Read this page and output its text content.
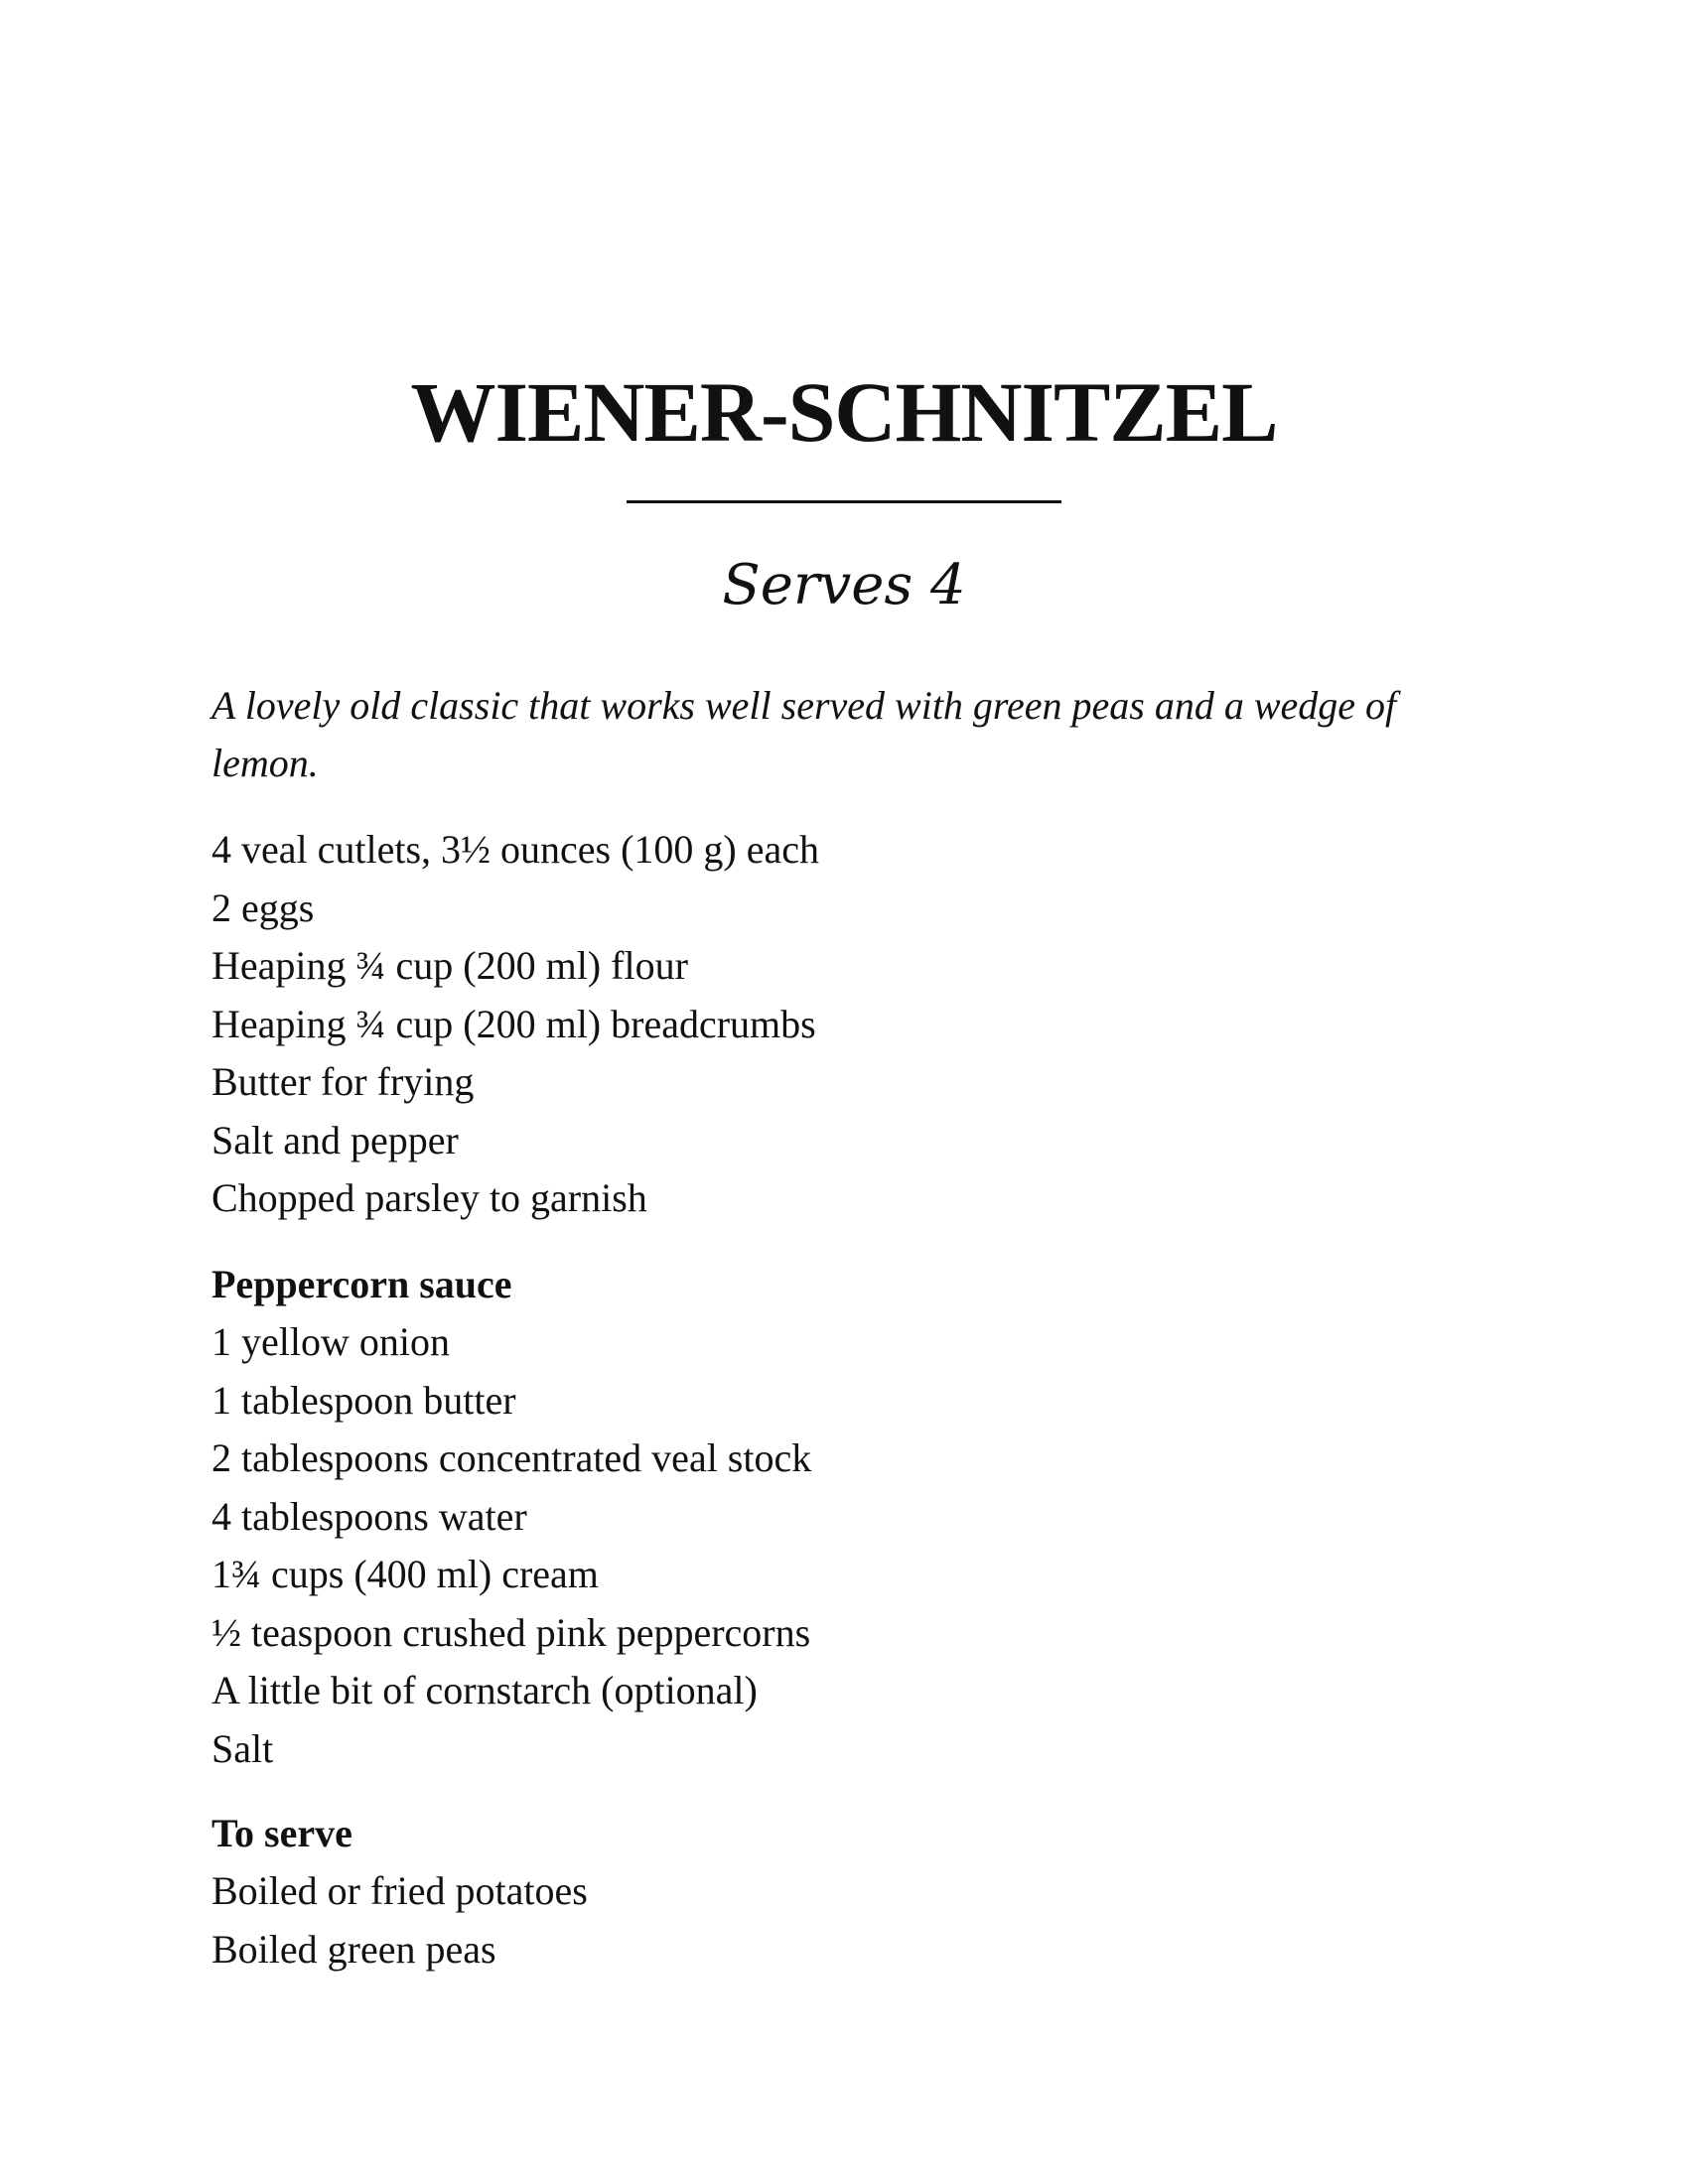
WIENER-SCHNITZEL

Serves 4

A lovely old classic that works well served with green peas and a wedge of lemon.

4 veal cutlets, 3½ ounces (100 g) each
2 eggs
Heaping ¾ cup (200 ml) flour
Heaping ¾ cup (200 ml) breadcrumbs
Butter for frying
Salt and pepper
Chopped parsley to garnish
Peppercorn sauce
1 yellow onion
1 tablespoon butter
2 tablespoons concentrated veal stock
4 tablespoons water
1¾ cups (400 ml) cream
½ teaspoon crushed pink peppercorns
A little bit of cornstarch (optional)
Salt
To serve
Boiled or fried potatoes
Boiled green peas
